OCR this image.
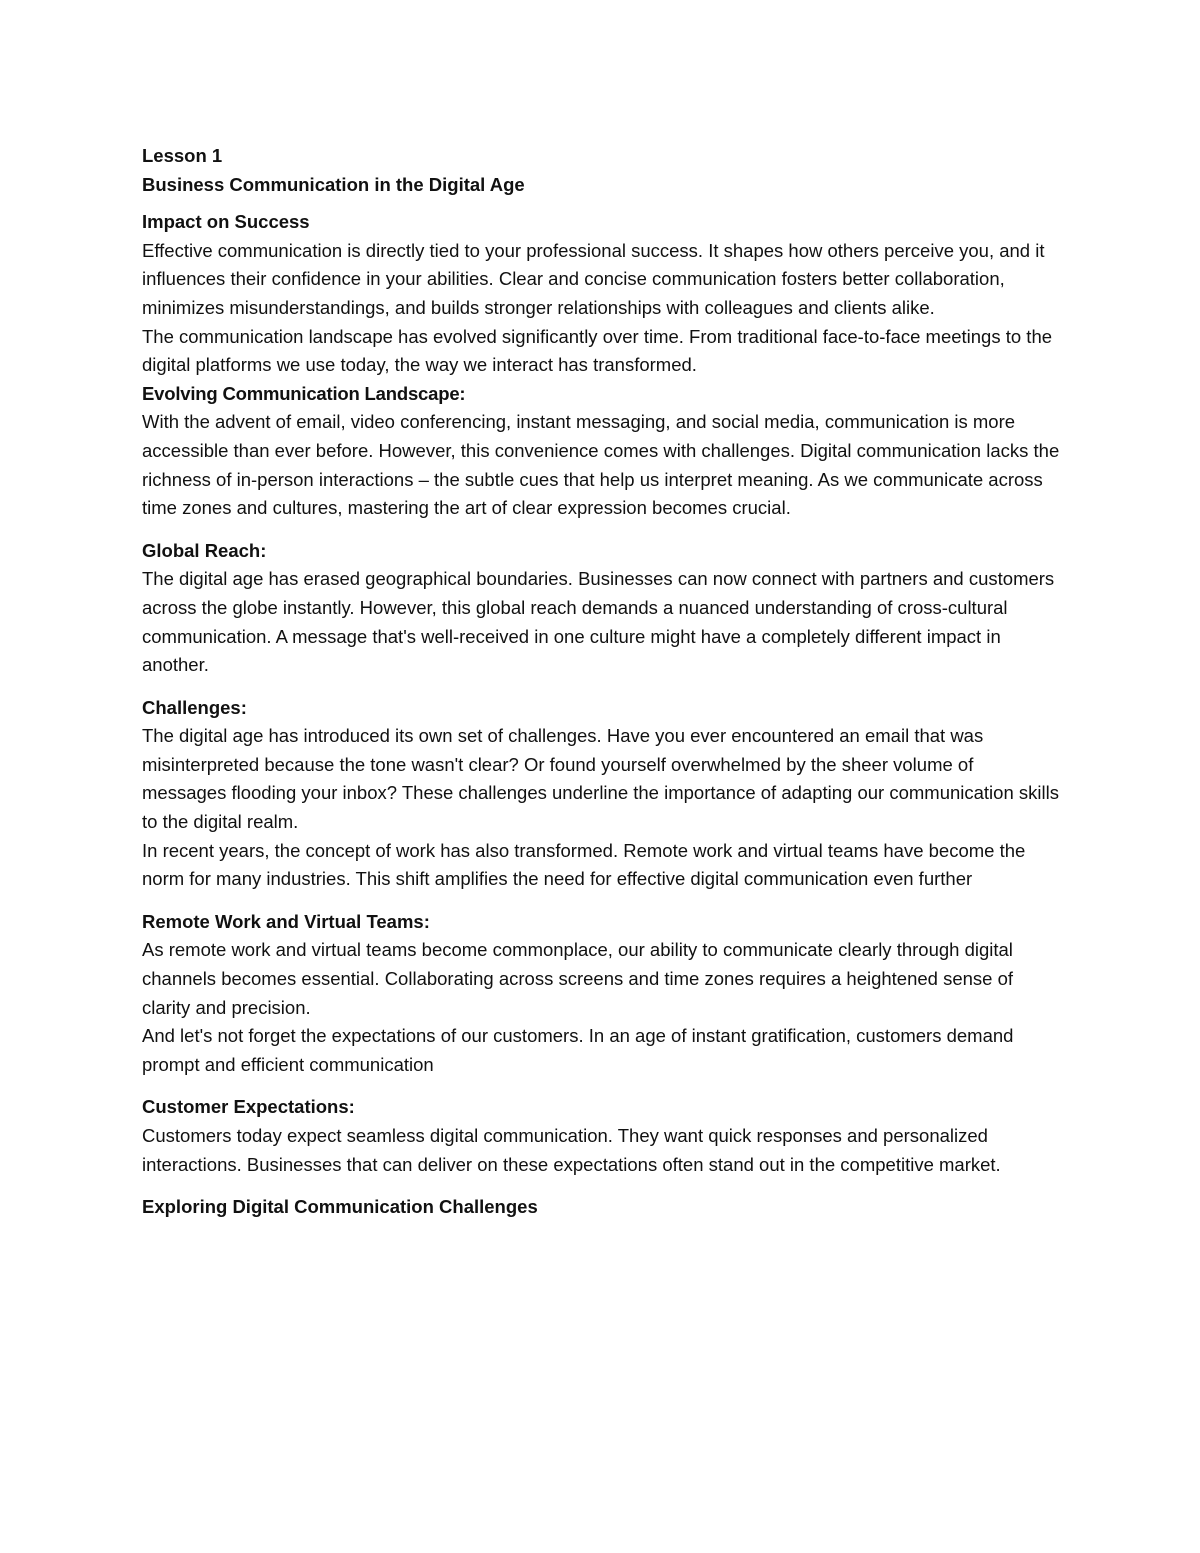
Lesson 1

Business Communication in the Digital Age
Impact on Success

Effective communication is directly tied to your professional success. It shapes how others perceive you, and it influences their confidence in your abilities. Clear and concise communication fosters better collaboration, minimizes misunderstandings, and builds stronger relationships with colleagues and clients alike.

The communication landscape has evolved significantly over time. From traditional face-to-face meetings to the digital platforms we use today, the way we interact has transformed.

Evolving Communication Landscape:

With the advent of email, video conferencing, instant messaging, and social media, communication is more accessible than ever before. However, this convenience comes with challenges. Digital communication lacks the richness of in-person interactions – the subtle cues that help us interpret meaning. As we communicate across time zones and cultures, mastering the art of clear expression becomes crucial.

Global Reach:

The digital age has erased geographical boundaries. Businesses can now connect with partners and customers across the globe instantly. However, this global reach demands a nuanced understanding of cross-cultural communication. A message that's well-received in one culture might have a completely different impact in another.

Challenges:

The digital age has introduced its own set of challenges. Have you ever encountered an email that was misinterpreted because the tone wasn't clear? Or found yourself overwhelmed by the sheer volume of messages flooding your inbox? These challenges underline the importance of adapting our communication skills to the digital realm.

In recent years, the concept of work has also transformed. Remote work and virtual teams have become the norm for many industries. This shift amplifies the need for effective digital communication even further

Remote Work and Virtual Teams:

As remote work and virtual teams become commonplace, our ability to communicate clearly through digital channels becomes essential. Collaborating across screens and time zones requires a heightened sense of clarity and precision.

And let's not forget the expectations of our customers. In an age of instant gratification, customers demand prompt and efficient communication

Customer Expectations:

Customers today expect seamless digital communication. They want quick responses and personalized interactions. Businesses that can deliver on these expectations often stand out in the competitive market.

Exploring Digital Communication Challenges
